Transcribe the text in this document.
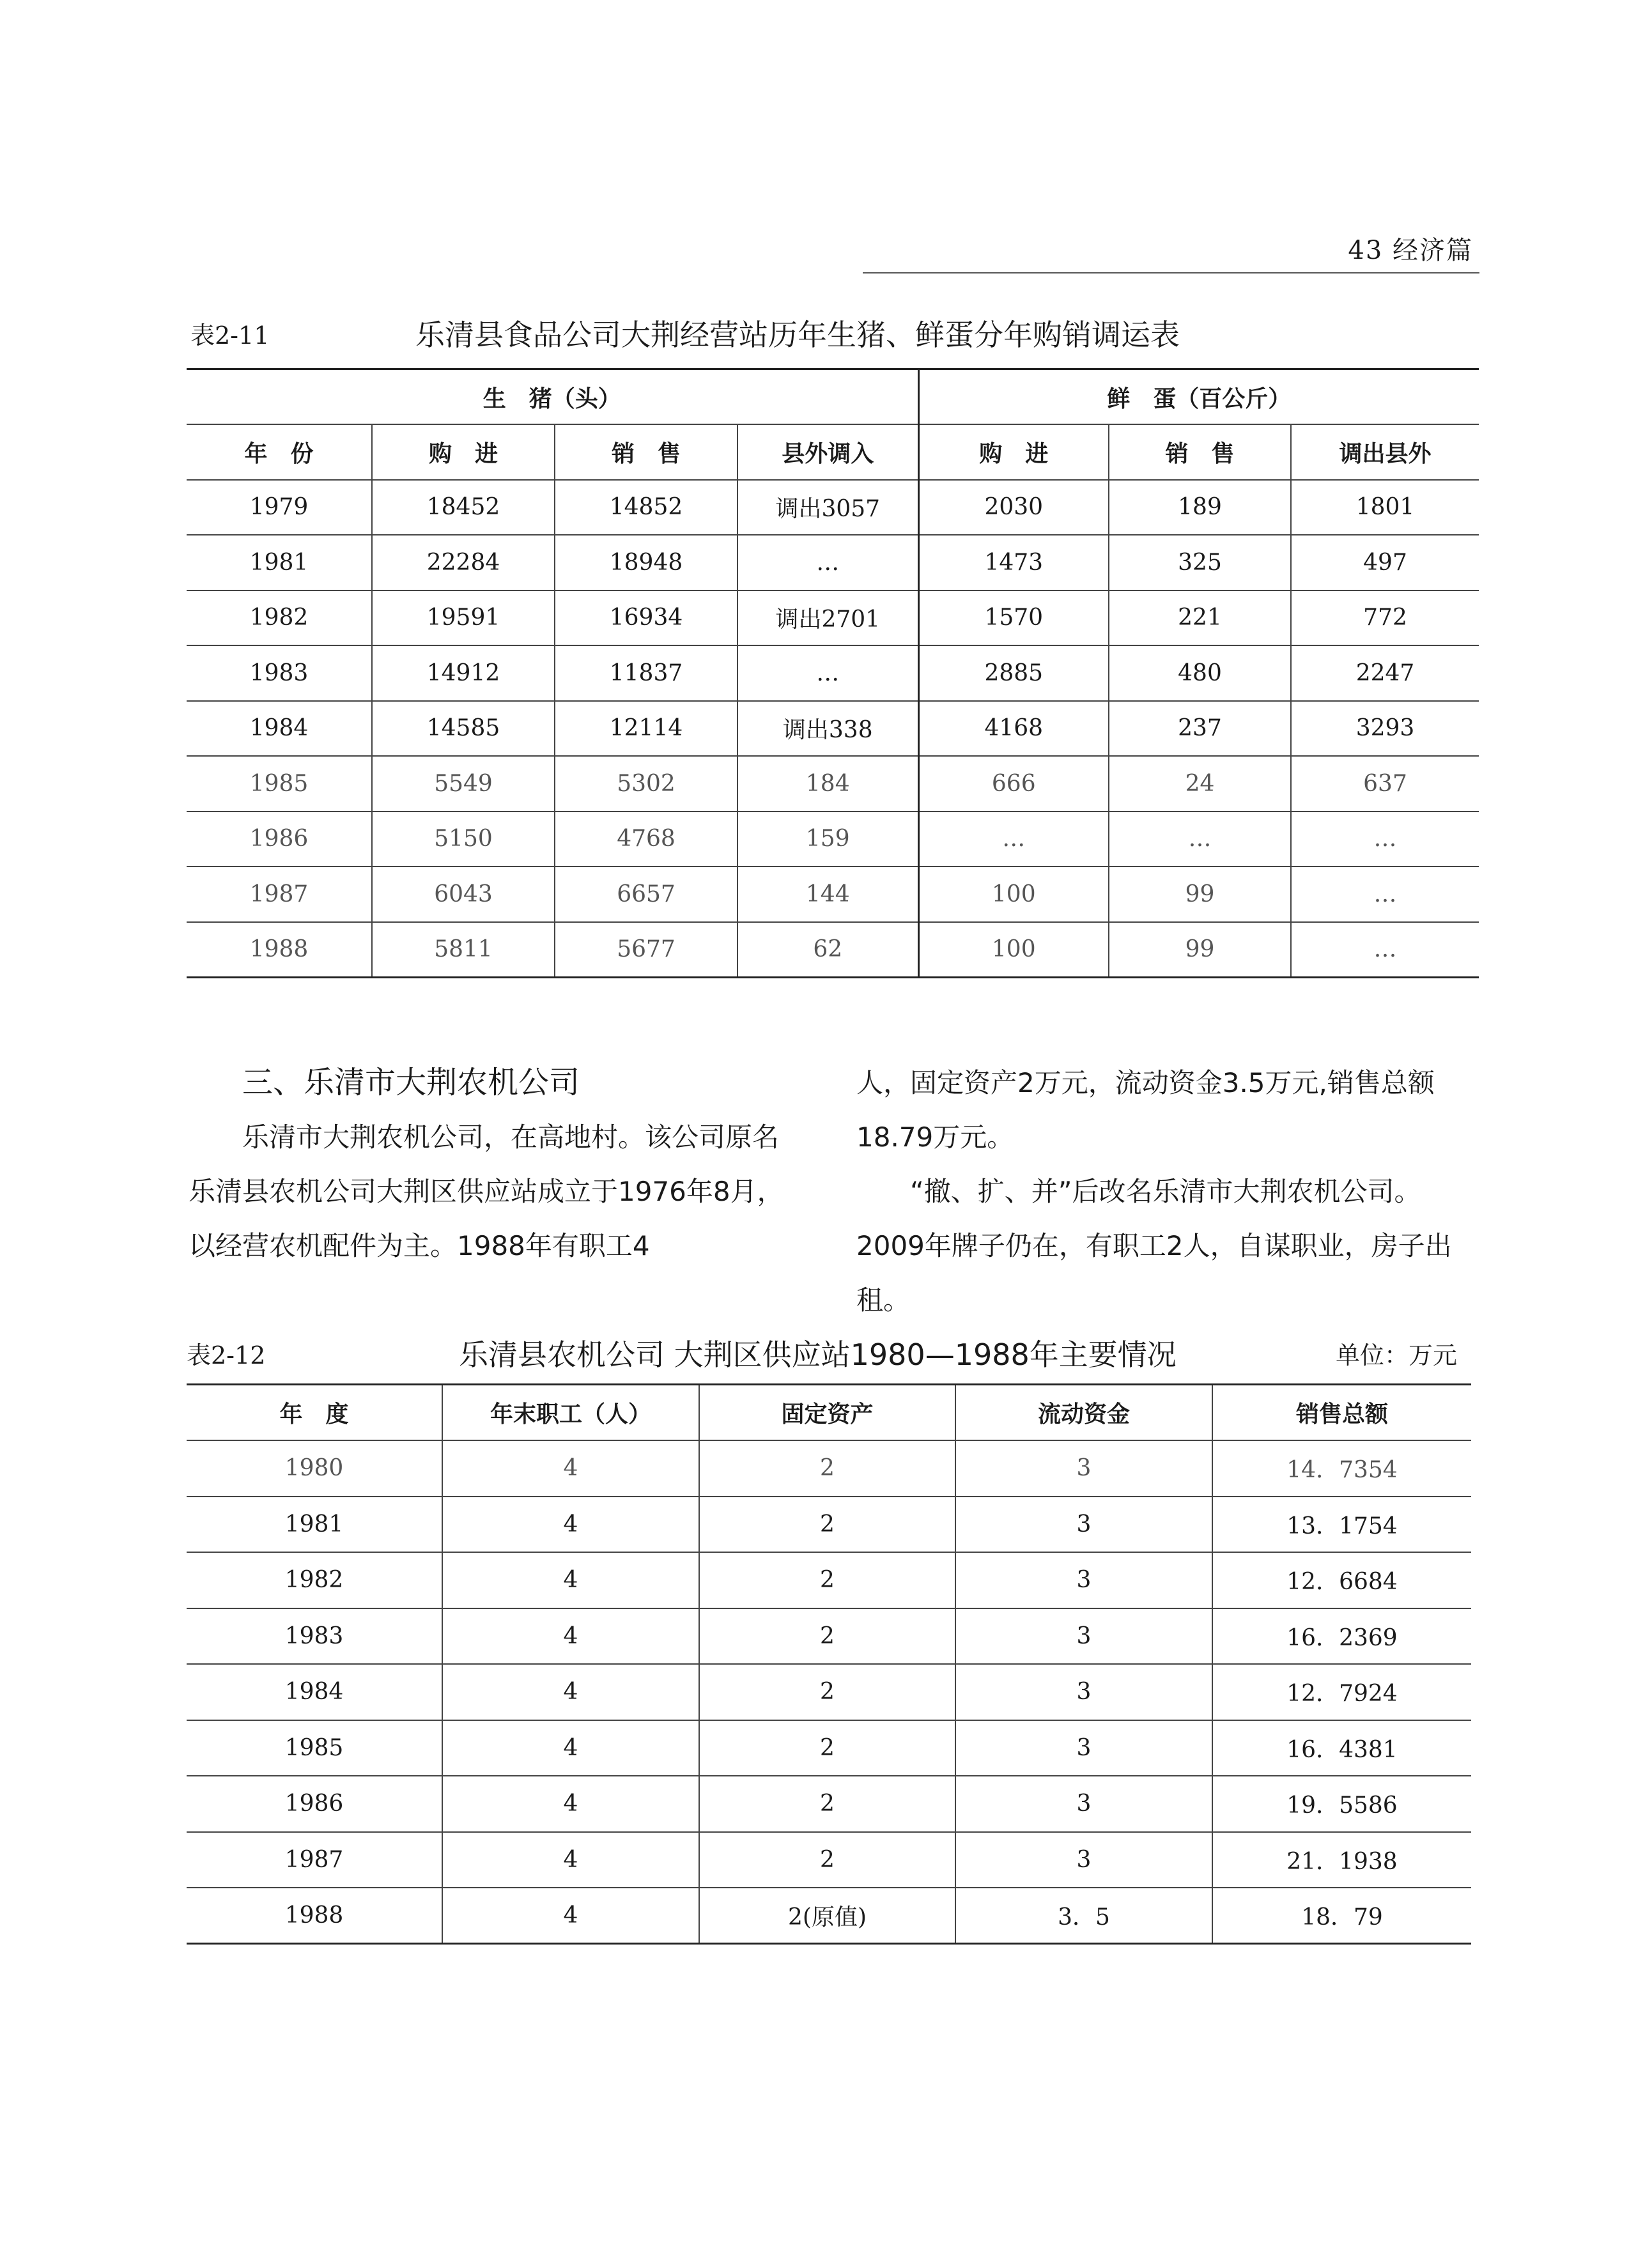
43 经济篇
表2-11	乐清县食品公司大荆经营站历年生猪、鲜蛋分年购销调运表
生　猪（头）				鲜　蛋（百公斤）		
年　份	购　进	销　售	县外调入	购　进	销　售	调出县外
1979	18452	14852	调出3057	2030	189	1801
1981	22284	18948	…	1473	325	497
1982	19591	16934	调出2701	1570	221	772
1983	14912	11837	…	2885	480	2247
1984	14585	12114	调出338	4168	237	3293
1985	5549	5302	184	666	24	637
1986	5150	4768	159	…	…	…
1987	6043	6657	144	100	99	…
1988	5811	5677	62	100	99	…

三、乐清市大荆农机公司

乐清市大荆农机公司，在高地村。该公司原名乐清县农机公司大荆区供应站成立于1976年8月，以经营农机配件为主。1988年有职工4

人，固定资产2万元，流动资金3.5万元,销售总额18.79万元。

“撤、扩、并”后改名乐清市大荆农机公司。2009年牌子仍在，有职工2人，自谋职业，房子出租。

表2-12	乐清县农机公司 大荆区供应站1980—1988年主要情况	单位：万元
年　度	年末职工（人）	固定资产	流动资金	销售总额
1980	4	2	3	14．7354
1981	4	2	3	13．1754
1982	4	2	3	12．6684
1983	4	2	3	16．2369
1984	4	2	3	12．7924
1985	4	2	3	16．4381
1986	4	2	3	19．5586
1987	4	2	3	21．1938
1988	4	2(原值)	3．5	18．79
